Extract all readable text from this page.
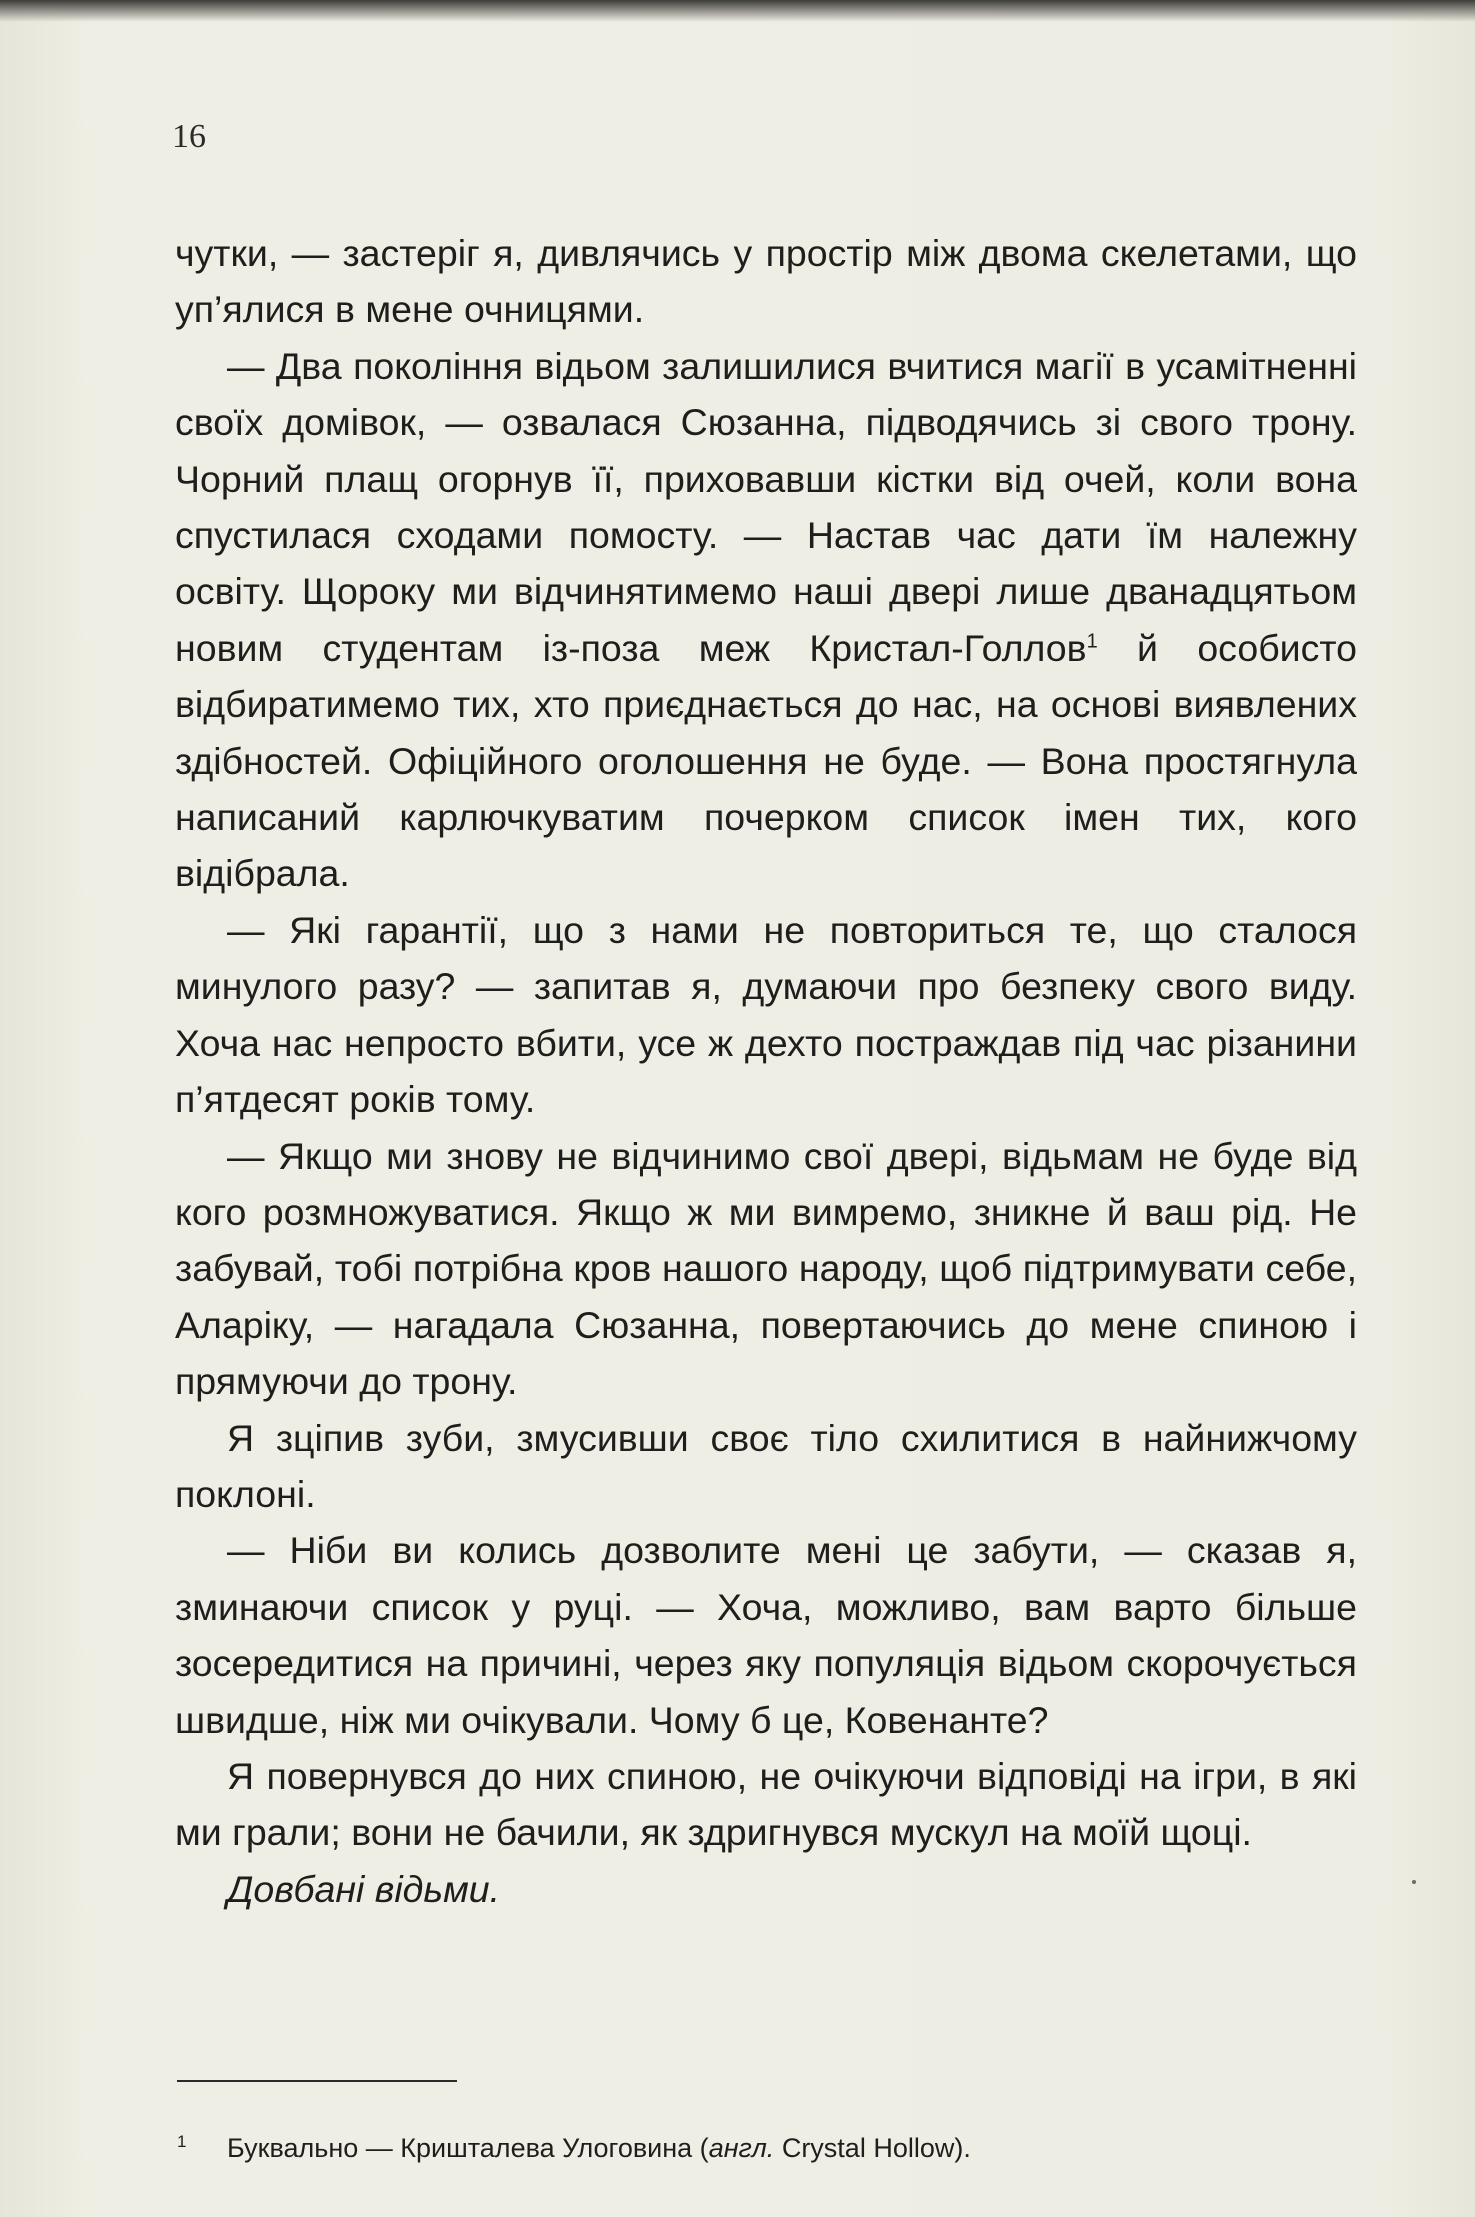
16

чутки, — застеріг я, дивлячись у простір між двома скелетами, що уп’ялися в мене очницями.

— Два покоління відьом залишилися вчитися магії в усамітненні своїх домівок, — озвалася Сюзанна, підводячись зі свого трону. Чорний плащ огорнув її, приховавши кістки від очей, коли вона спустилася сходами помосту. — Настав час дати їм належну освіту. Щороку ми відчинятимемо наші двері лише дванадцятьом новим студентам із-поза меж Кристал-Голлов$^1$ й особисто відбиратимемо тих, хто приєднається до нас, на основі виявлених здібностей. Офіційного оголошення не буде. — Вона простягнула написаний карлючкуватим почерком список імен тих, кого відібрала.

— Які гарантії, що з нами не повториться те, що сталося минулого разу? — запитав я, думаючи про безпеку свого виду. Хоча нас непросто вбити, усе ж дехто постраждав під час різанини п’ятдесят років тому.

— Якщо ми знову не відчинимо свої двері, відьмам не буде від кого розмножуватися. Якщо ж ми вимремо, зникне й ваш рід. Не забувай, тобі потрібна кров нашого народу, щоб підтримувати себе, Аларіку, — нагадала Сюзанна, повертаючись до мене спиною і прямуючи до трону.

Я зціпив зуби, змусивши своє тіло схилитися в найнижчому поклоні.

— Ніби ви колись дозволите мені це забути, — сказав я, зминаючи список у руці. — Хоча, можливо, вам варто більше зосередитися на причині, через яку популяція відьом скорочується швидше, ніж ми очікували. Чому б це, Ковенанте?

Я повернувся до них спиною, не очікуючи відповіді на ігри, в які ми грали; вони не бачили, як здригнувся мускул на моїй щоці.

Довбані відьми.

1 Буквально — Кришталева Улоговина (англ. Crystal Hollow).
